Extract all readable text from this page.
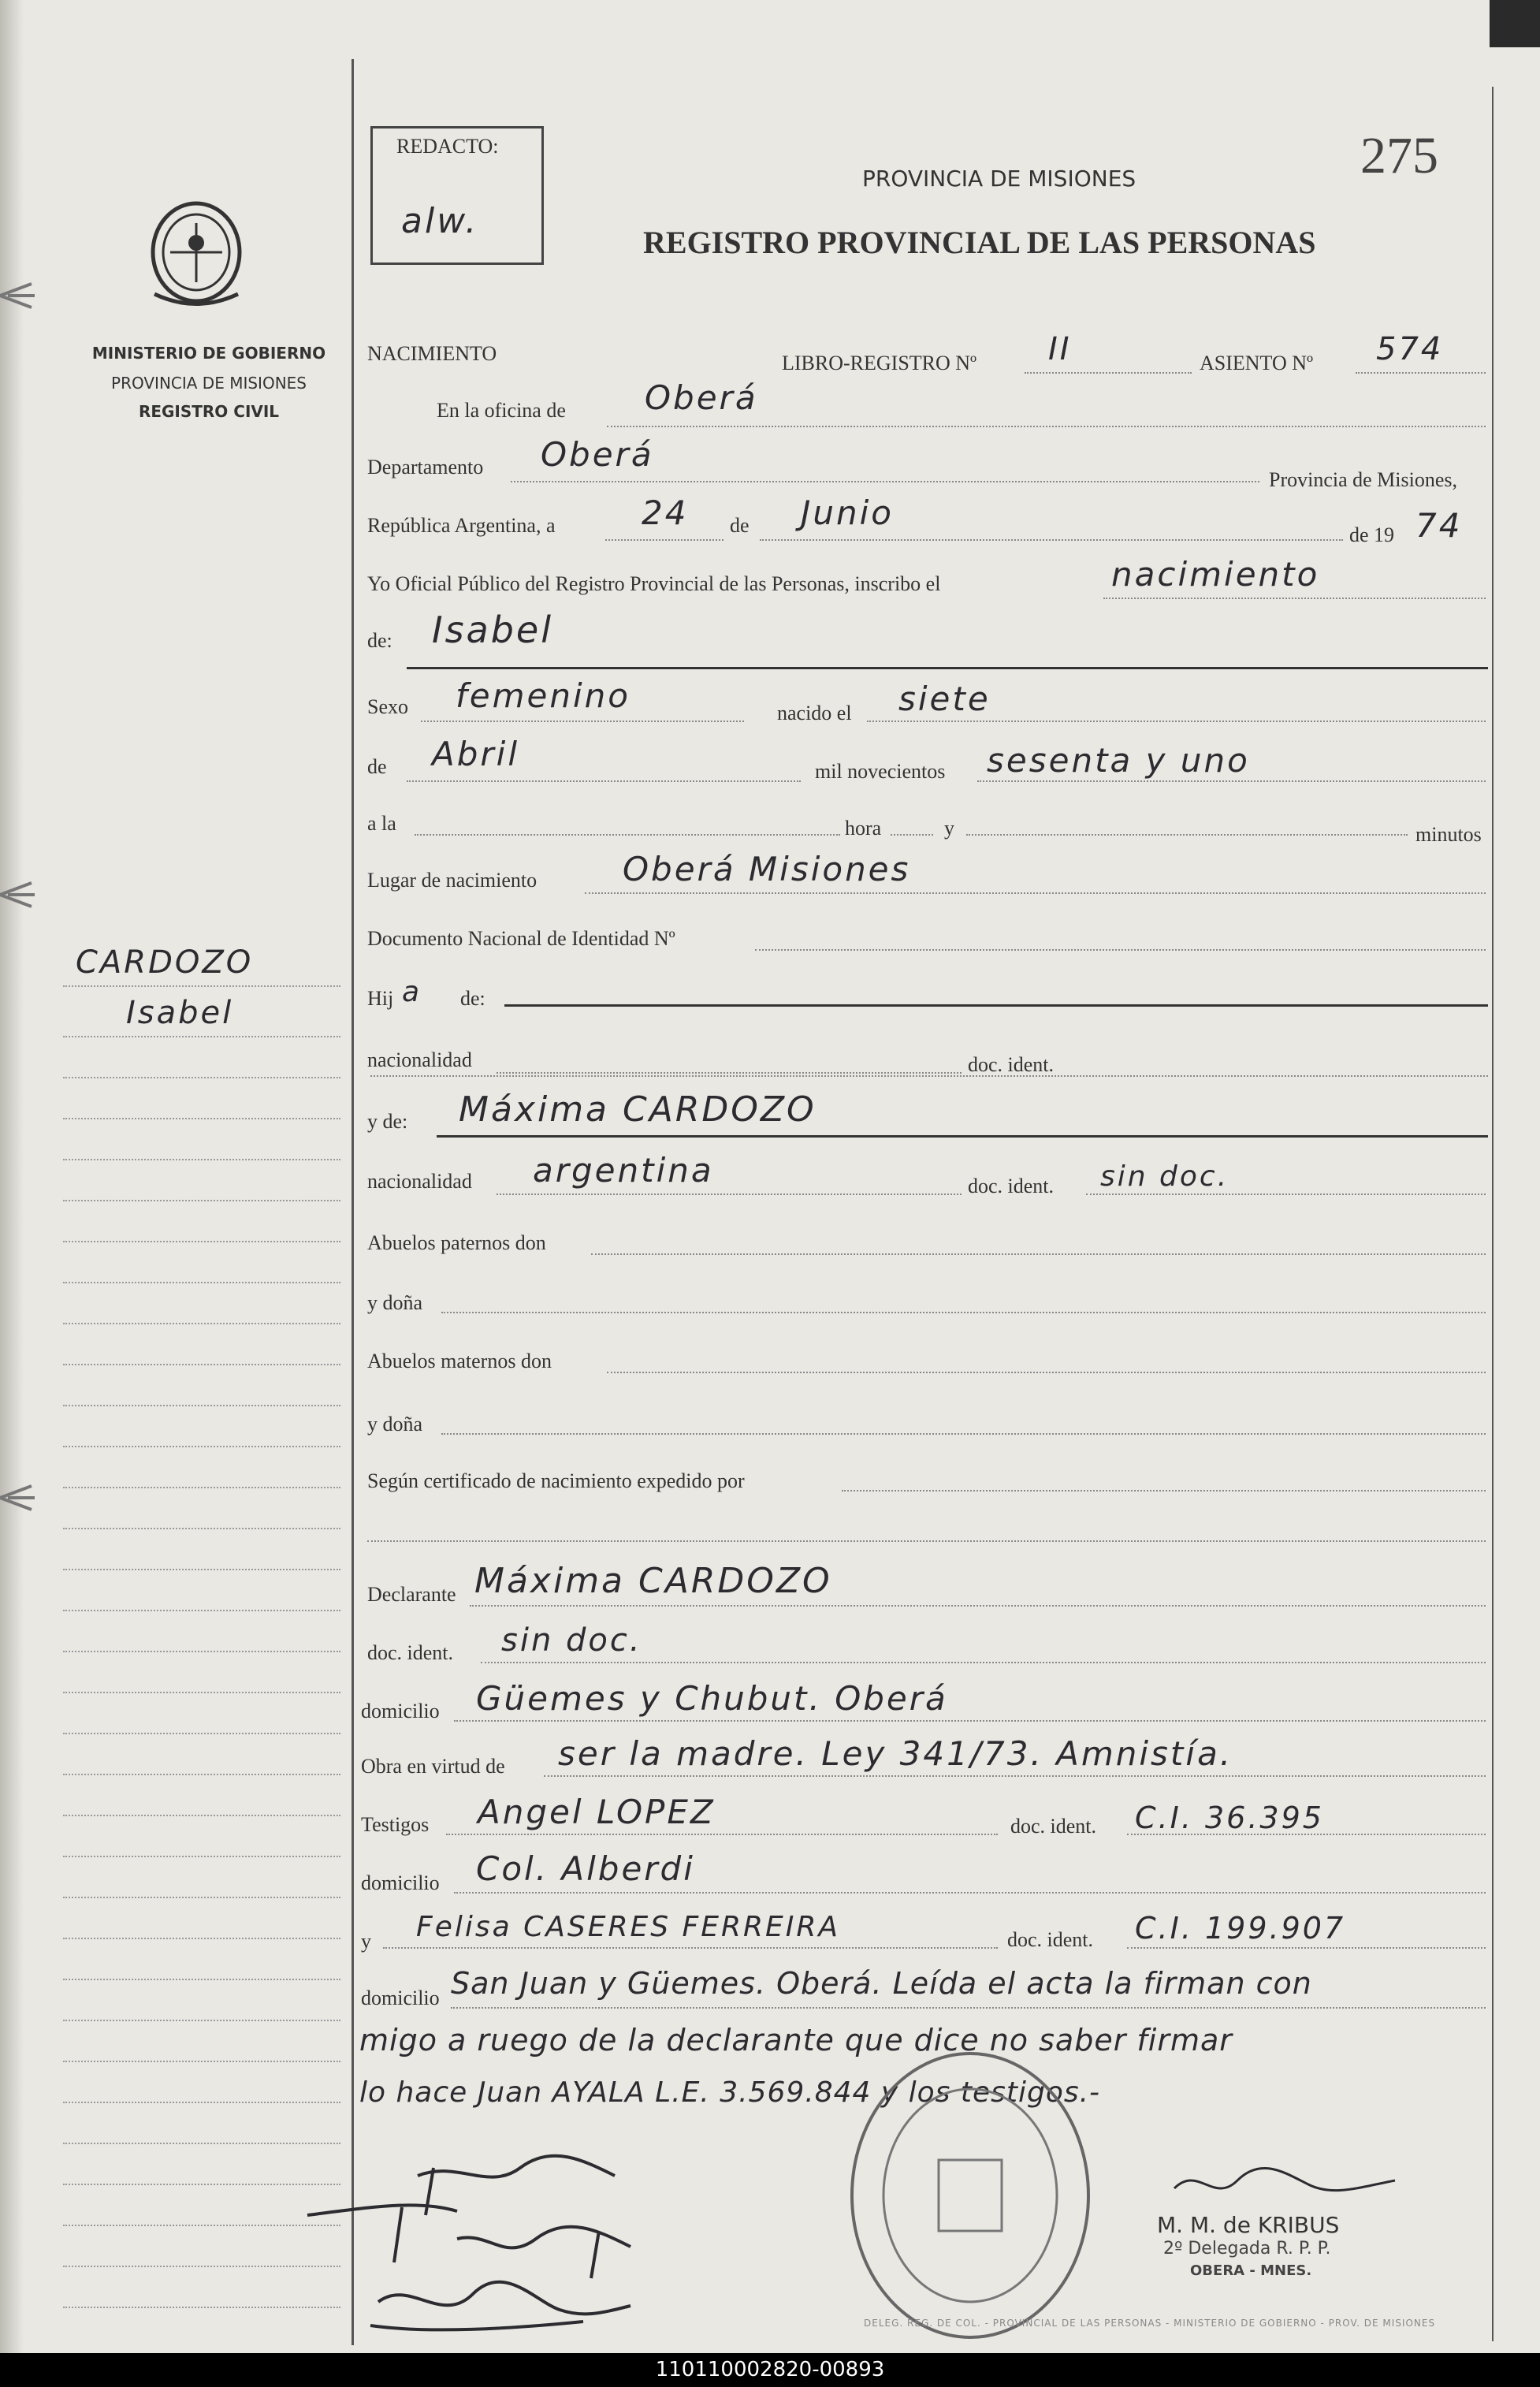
MINISTERIO DE GOBIERNO
PROVINCIA DE MISIONES
REGISTRO CIVIL
CARDOZO
Isabel
REDACTO:
alw.
PROVINCIA DE MISIONES
REGISTRO PROVINCIAL DE LAS PERSONAS
275
NACIMIENTO	LIBRO-REGISTRO Nº II	ASIENTO Nº 574
En la oficina de Oberá
Departamento Oberá
Provincia de Misiones,
República Argentina, a	24 de Junio
de 19 74
Yo Oficial Público del Registro Provincial de las Personas, inscribo el	nacimiento
de: Isabel
Sexo femenino	nacido el siete
de Abril	mil novecientos sesenta y uno
a la	hora	y	minutos
Lugar de nacimiento	Oberá Misiones
Documento Nacional de Identidad Nº
Hij a de:
nacionalidad	doc. ident.
y de: Máxima CARDOZO
nacionalidad argentina	doc. ident. sin doc.
Abuelos paternos don
y doña
Abuelos maternos don
y doña
Según certificado de nacimiento expedido por
Declarante Máxima CARDOZO
doc. ident. sin doc.
domicilio Güemes y Chubut. Oberá
Obra en virtud de ser la madre. Ley 341/73. Amnistía.
Testigos Angel LOPEZ	doc. ident. C.I. 36.395
domicilio Col. Alberdi
y Felisa CASERES FERREIRA	doc. ident. C.I. 199.907
domicilio San Juan y Güemes. Oberá. Leída el acta la firman con
migo a ruego de la declarante que dice no saber firmar
lo hace Juan AYALA L.E. 3.569.844 y los testigos.-
DELEG. REG. DE COL. - PROVINCIAL DE LAS PERSONAS - MINISTERIO DE GOBIERNO - PROV. DE MISIONES
M. M. de KRIBUS
2º Delegada R. P. P.
OBERA - MNES.
110110002820-00893
